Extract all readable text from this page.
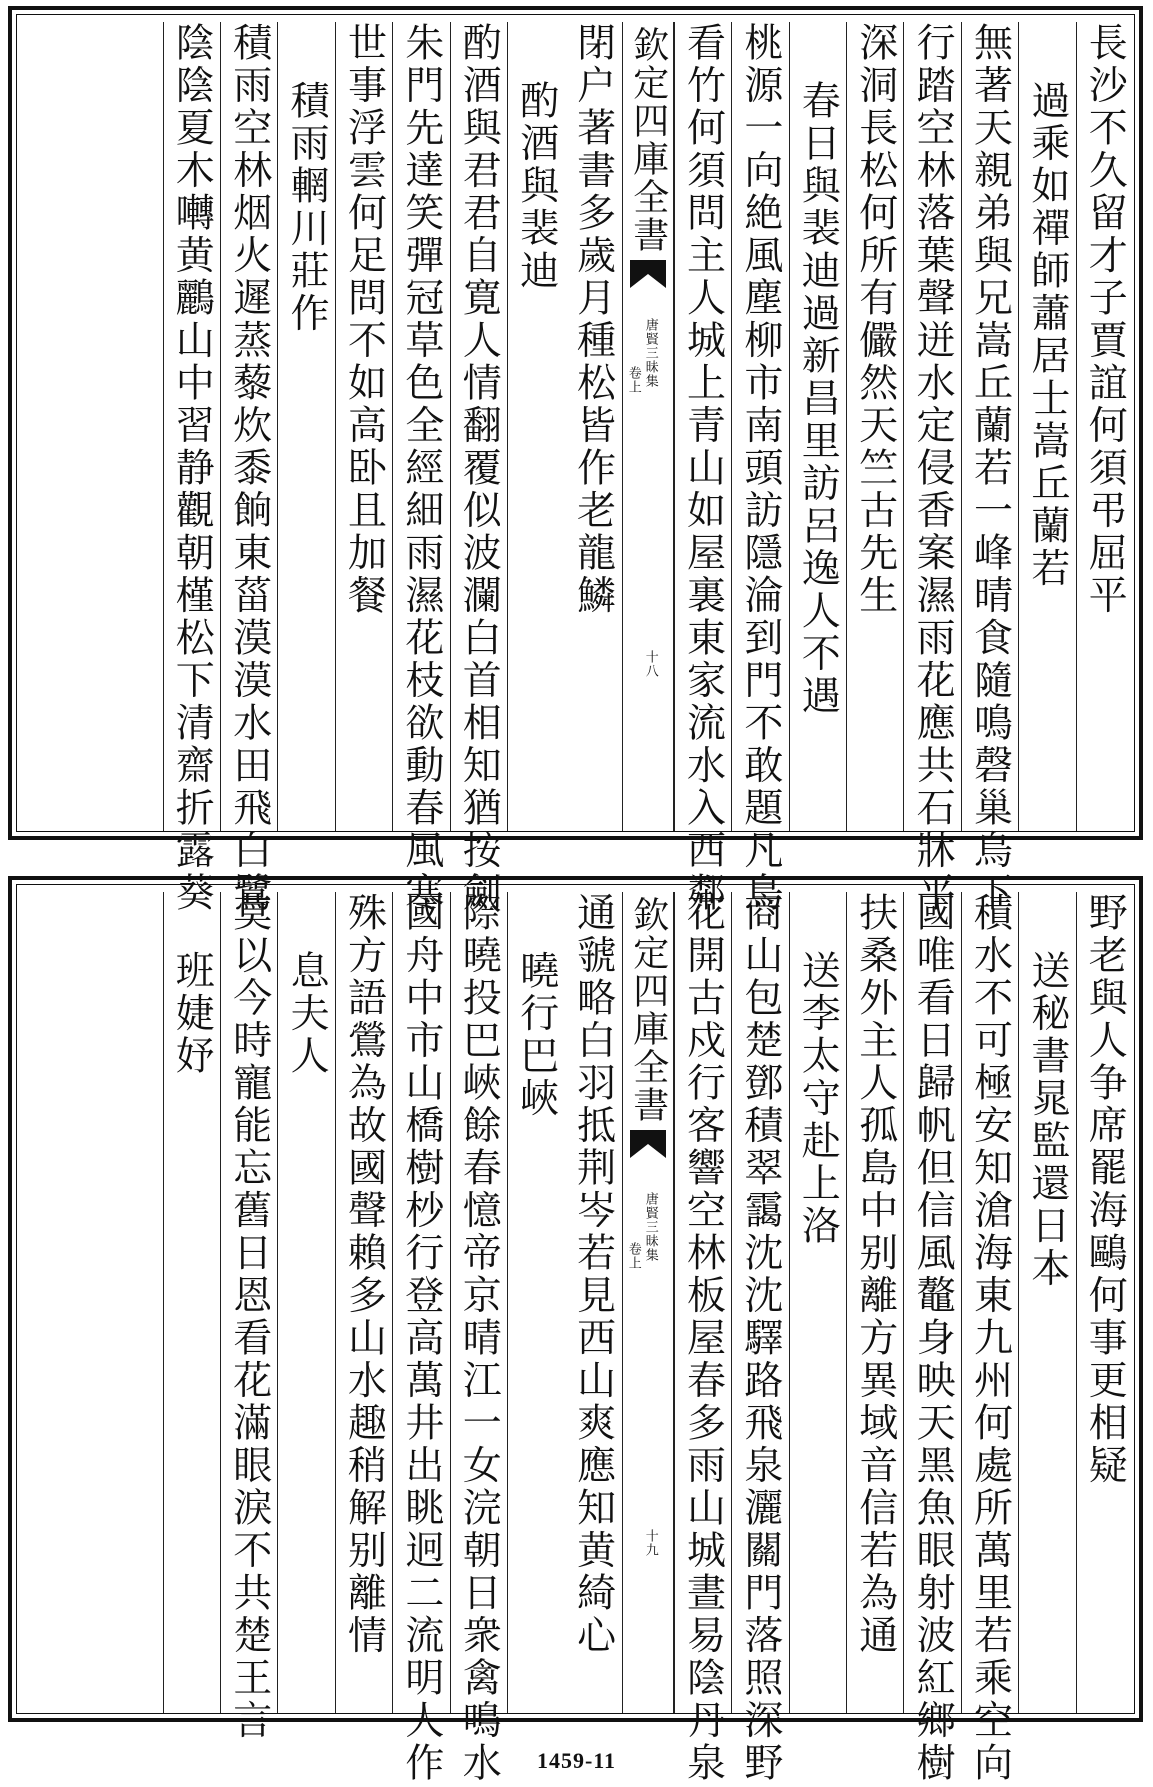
長沙不久留才子賈誼何須弔屈平
過乘如禪師蕭居士嵩丘蘭若
無著天親弟與兄嵩丘蘭若一峰晴食隨鳴磬巢烏下
行踏空林落葉聲迸水定侵香案濕雨花應共石牀平
深洞長松何所有儼然天竺古先生
春日與裴迪過新昌里訪呂逸人不遇
桃源一向絶風塵柳市南頭訪隱淪到門不敢題凡鳥
看竹何須問主人城上青山如屋裏東家流水入西鄰
欽定四庫全書
唐賢三昧集
卷上
十八
閉户著書多歲月種松皆作老龍鱗
酌酒與裴迪
酌酒與君君自寛人情翻覆似波瀾白首相知猶按劍
朱門先達笑彈冠草色全經細雨濕花枝欲動春風寒
世事浮雲何足問不如高卧且加餐
積雨輞川莊作
積雨空林烟火遲蒸藜炊黍餉東菑漠漠水田飛白鷺
陰陰夏木囀黄鸝山中習静觀朝槿松下清齋折露葵
野老與人争席罷海鷗何事更相疑
送秘書晁監還日本
積水不可極安知滄海東九州何處所萬里若乘空向
國唯看日歸帆但信風鼇身映天黑魚眼射波紅鄉樹
扶桑外主人孤島中别離方異域音信若為通
送李太守赴上洛
商山包楚鄧積翠靄沈沈驛路飛泉灑關門落照深野
花開古戍行客響空林板屋春多雨山城晝易陰丹泉
欽定四庫全書
唐賢三昧集
卷上
十九
通虢略白羽抵荆岑若見西山爽應知黄綺心
曉行巴峽
際曉投巴峽餘春憶帝京晴江一女浣朝日衆禽鳴水
國舟中市山橋樹杪行登高萬井出眺迥二流明人作
殊方語鶯為故國聲賴多山水趣稍解别離情
息夫人
莫以今時寵能忘舊日恩看花滿眼淚不共楚王言
班婕妤
1459-11
